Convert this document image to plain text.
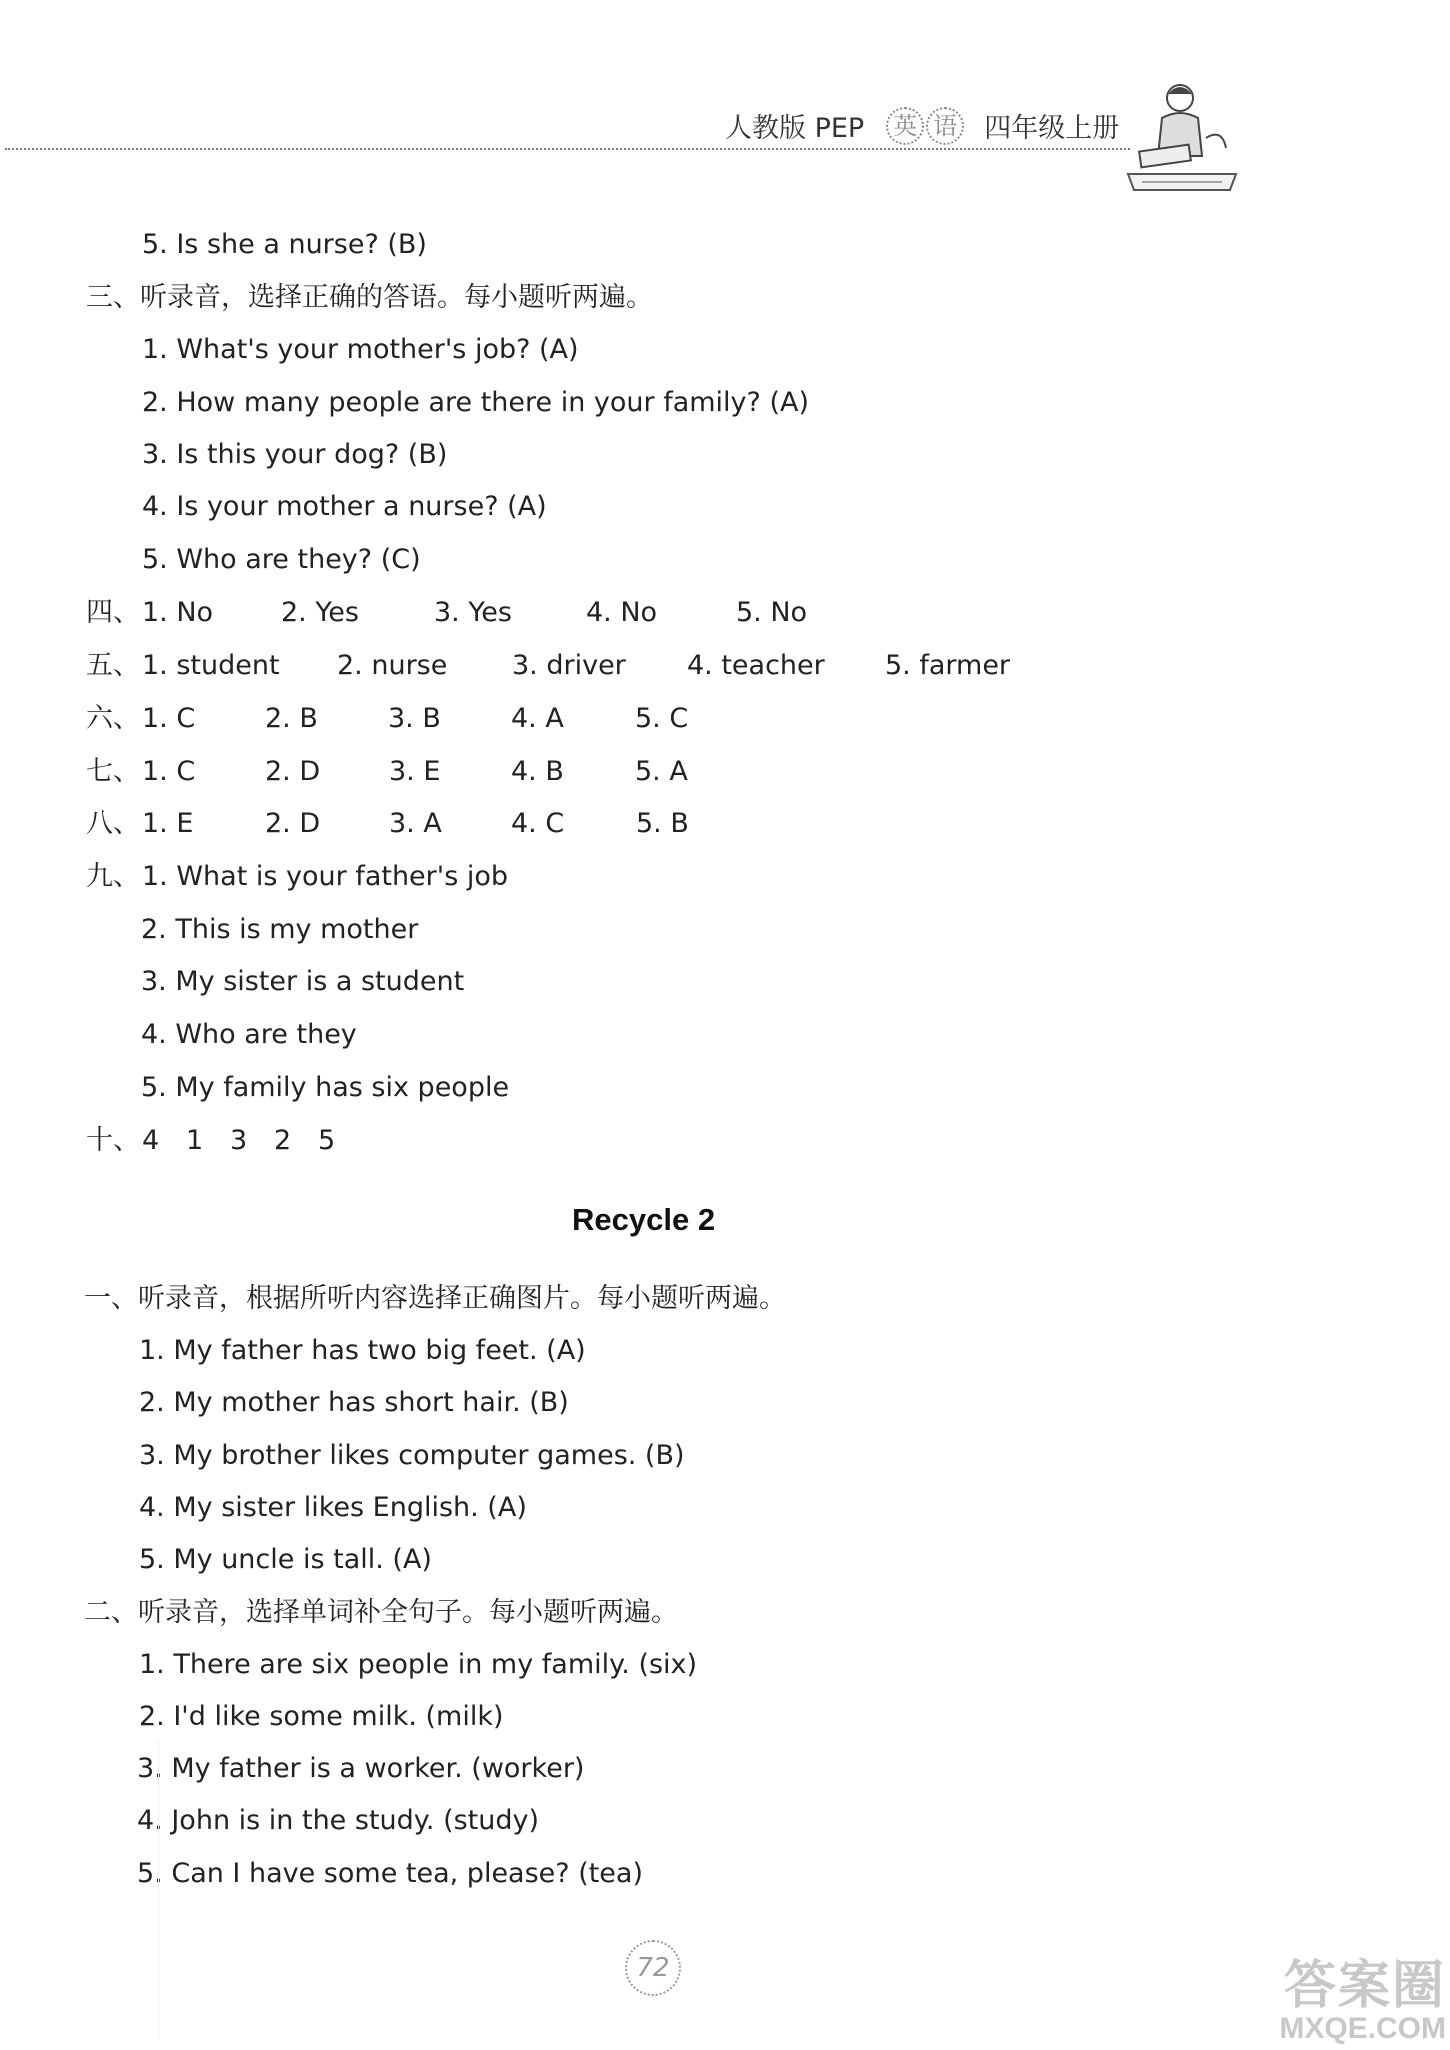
人教版 PEP 英 语 四年级上册
5. Is she a nurse? (B)
三、听录音，选择正确的答语。每小题听两遍。
1. What's your mother's job? (A)
2. How many people are there in your family? (A)
3. Is this your dog? (B)
4. Is your mother a nurse? (A)
5. Who are they? (C)
四、1. No	2. Yes	3. Yes	4. No	5. No
五、1. student 2. nurse 3. driver 4. teacher 5. farmer
六、1. C	2. B	3. B	4. A	5. C
七、1. C	2. D	3. E	4. B	5. A
八、1. E	2. D	3. A	4. C	5. B
九、1. What is your father's job
2. This is my mother
3. My sister is a student
4. Who are they
5. My family has six people
十、4 1 3 2 5
Recycle 2
一、听录音，根据所听内容选择正确图片。每小题听两遍。
1. My father has two big feet. (A)
2. My mother has short hair. (B)
3. My brother likes computer games. (B)
4. My sister likes English. (A)
5. My uncle is tall. (A)
二、听录音，选择单词补全句子。每小题听两遍。
1. There are six people in my family. (six)
2. I'd like some milk. (milk)
3. My father is a worker. (worker)
4. John is in the study. (study)
5. Can I have some tea, please? (tea)
72	答案圈
MXQE.COM
